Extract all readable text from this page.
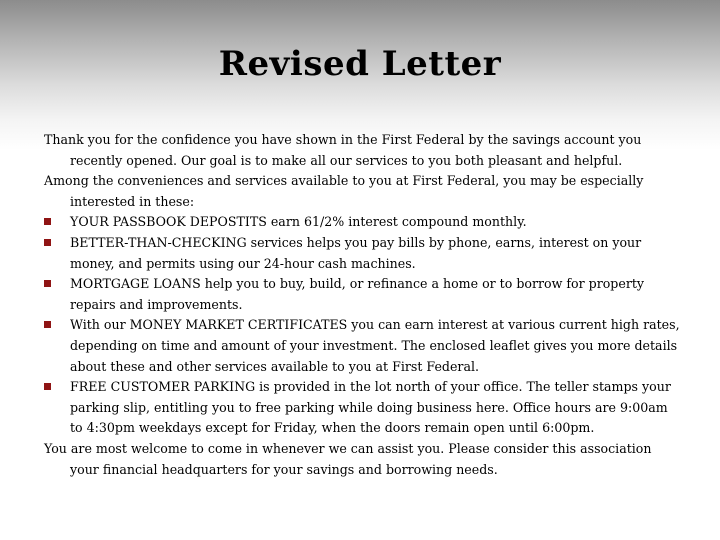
Revised Letter

Thank you for the confidence you have shown in the First Federal by the savings account you recently opened. Our goal is to make all our services to you both pleasant and helpful.

Among the conveniences and services available to you at First Federal, you may be especially interested in these:

YOUR PASSBOOK DEPOSTITS earn 61/2% interest compound monthly.
BETTER-THAN-CHECKING services helps you pay bills by phone, earns, interest on your money, and permits using our 24-hour cash machines.
MORTGAGE LOANS help you to buy, build, or refinance a home or to borrow for property repairs and improvements.
With our MONEY MARKET CERTIFICATES you can earn interest at various current high rates, depending on time and amount of your investment. The enclosed leaflet gives you more details about these and other services available to you at First Federal.
FREE CUSTOMER PARKING is provided in the lot north of your office. The teller stamps your parking slip, entitling you to free parking while doing business here. Office hours are 9:00am to 4:30pm weekdays except for Friday, when the doors remain open until 6:00pm.

You are most welcome to come in whenever we can assist you. Please consider this association your financial headquarters for your savings and borrowing needs.
